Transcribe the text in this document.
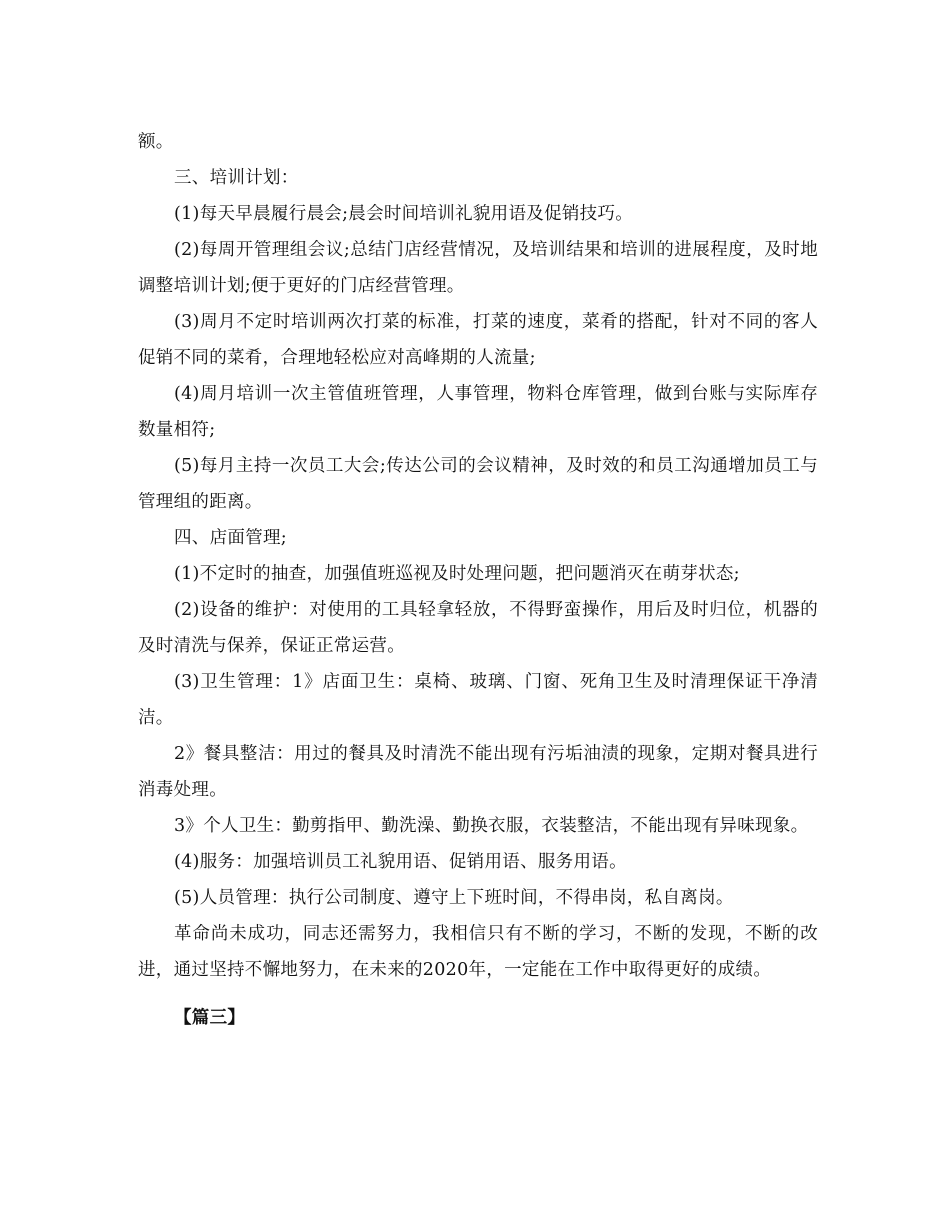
额。

三、培训计划：

(1)每天早晨履行晨会;晨会时间培训礼貌用语及促销技巧。

(2)每周开管理组会议;总结门店经营情况，及培训结果和培训的进展程度，及时地调整培训计划;便于更好的门店经营管理。

(3)周月不定时培训两次打菜的标准，打菜的速度，菜肴的搭配，针对不同的客人促销不同的菜肴，合理地轻松应对高峰期的人流量;

(4)周月培训一次主管值班管理，人事管理，物料仓库管理，做到台账与实际库存数量相符;

(5)每月主持一次员工大会;传达公司的会议精神，及时效的和员工沟通增加员工与管理组的距离。

四、店面管理;

(1)不定时的抽查，加强值班巡视及时处理问题，把问题消灭在萌芽状态;

(2)设备的维护：对使用的工具轻拿轻放，不得野蛮操作，用后及时归位，机器的及时清洗与保养，保证正常运营。

(3)卫生管理：1》店面卫生：桌椅、玻璃、门窗、死角卫生及时清理保证干净清洁。

2》餐具整洁：用过的餐具及时清洗不能出现有污垢油渍的现象，定期对餐具进行消毒处理。

3》个人卫生：勤剪指甲、勤洗澡、勤换衣服，衣装整洁，不能出现有异味现象。

(4)服务：加强培训员工礼貌用语、促销用语、服务用语。

(5)人员管理：执行公司制度、遵守上下班时间，不得串岗，私自离岗。

革命尚未成功，同志还需努力，我相信只有不断的学习，不断的发现，不断的改进，通过坚持不懈地努力，在未来的2020年，一定能在工作中取得更好的成绩。

【篇三】
